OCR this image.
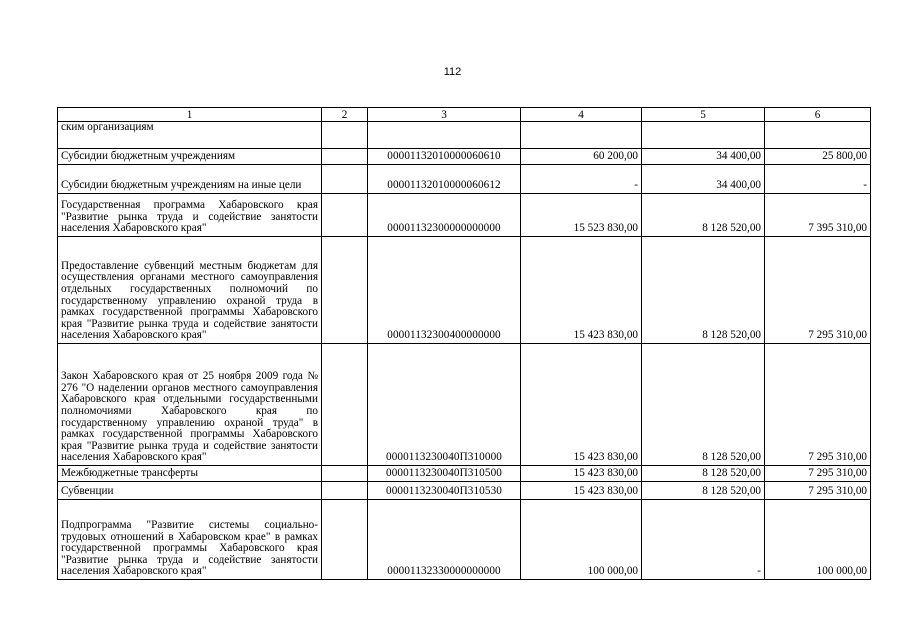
112
1	2	3	4	5	6
ским организациям					
Субсидии бюджетным учреждениям		00001132010000060610	60 200,00	34 400,00	25 800,00
Субсидии бюджетным учреждениям на иные цели		00001132010000060612	-	34 400,00	-
Государственная программа Хабаровского края "Развитие рынка труда и содействие занятости населения Хабаровского края"		00001132300000000000	15 523 830,00	8 128 520,00	7 395 310,00
Предоставление субвенций местным бюджетам для осуществления органами местного самоуправления отдельных государственных полномочий по государственному управлению охраной труда в рамках государственной программы Хабаровского края "Развитие рынка труда и содействие занятости населения Хабаровского края"		00001132300400000000	15 423 830,00	8 128 520,00	7 295 310,00
Закон Хабаровского края от 25 ноября 2009 года № 276 "О наделении органов местного самоуправления Хабаровского края отдельными государственными полномочиями Хабаровского края по государственному управлению охраной труда" в рамках государственной программы Хабаровского края "Развитие рынка труда и содействие занятости населения Хабаровского края"		0000113230040П310000	15 423 830,00	8 128 520,00	7 295 310,00
Межбюджетные трансферты		0000113230040П310500	15 423 830,00	8 128 520,00	7 295 310,00
Субвенции		0000113230040П310530	15 423 830,00	8 128 520,00	7 295 310,00
Подпрограмма "Развитие системы социально-трудовых отношений в Хабаровском крае" в рамках государственной программы Хабаровского края "Развитие рынка труда и содействие занятости населения Хабаровского края"		00001132330000000000	100 000,00	-	100 000,00
